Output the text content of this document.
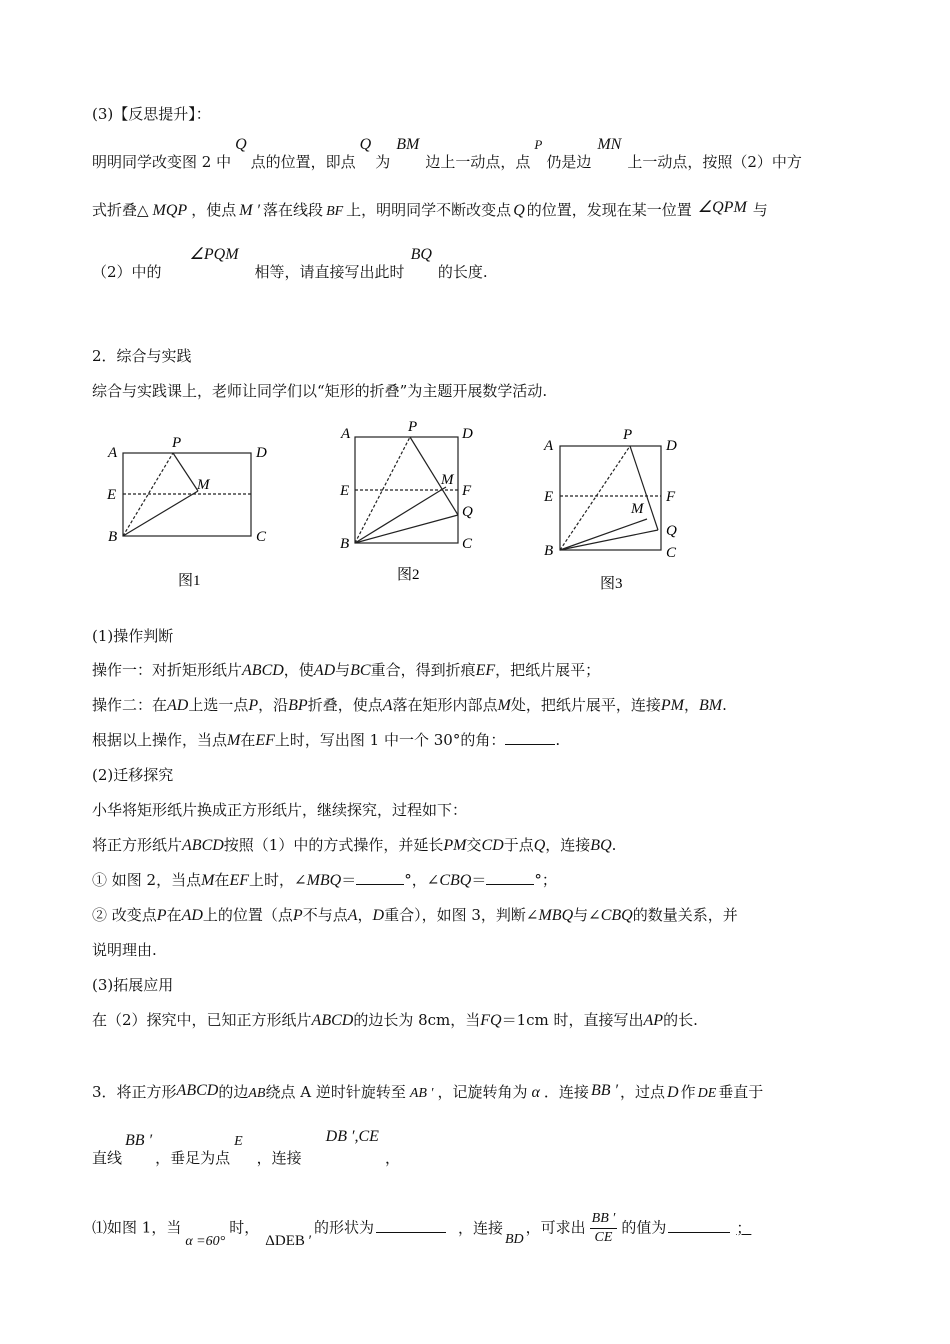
(3)【反思提升】：
明明同学改变图 2 中Q点的位置，即点Q为BM边上一动点，点P仍是边MN上一动点，按照（2）中方
式折叠△ MQP ，使点 M ′ 落在线段 BF 上，明明同学不断改变点 Q 的位置，发现在某一位置 ∠QPM 与
（2）中的∠PQM相等，请直接写出此时BQ的长度.
2．综合与实践
综合与实践课上，老师让同学们以“矩形的折叠”为主题开展数学活动.
A
P
D
E
M
B	C
图1
A	P	D
E
M
F
Q
B	C
图2
A
P
D
E	F
M
Q
B	C
图3
(1)操作判断
操作一：对折矩形纸片ABCD，使AD与BC重合，得到折痕EF，把纸片展平；
操作二：在AD上选一点P，沿BP折叠，使点A落在矩形内部点M处，把纸片展平，连接PM，BM.
根据以上操作，当点M在EF上时，写出图 1 中一个 30°的角：	.
(2)迁移探究
小华将矩形纸片换成正方形纸片，继续探究，过程如下：
将正方形纸片ABCD按照（1）中的方式操作，并延长PM交CD于点Q，连接BQ.
① 如图 2，当点M在EF上时，∠MBQ＝	°，∠CBQ＝	°；
② 改变点P在AD上的位置（点P不与点A，D重合），如图 3，判断∠MBQ与∠CBQ的数量关系，并
说明理由.
(3)拓展应用
在（2）探究中，已知正方形纸片ABCD的边长为 8cm，当FQ＝1cm 时，直接写出AP的长.
3．将正方形ABCD的边AB绕点 A 逆时针旋转至 AB ′ ，记旋转角为 α ．连接 BB ′ ，过点 D 作 DE 垂直于
直线BB ′，垂足为点E，连接DB ′,CE，
⑴如图 1，当α =60°时，ΔDEB ′的形状为	，连接BD，可求出 $\frac{BB '}{CE}$ 的值为	；
